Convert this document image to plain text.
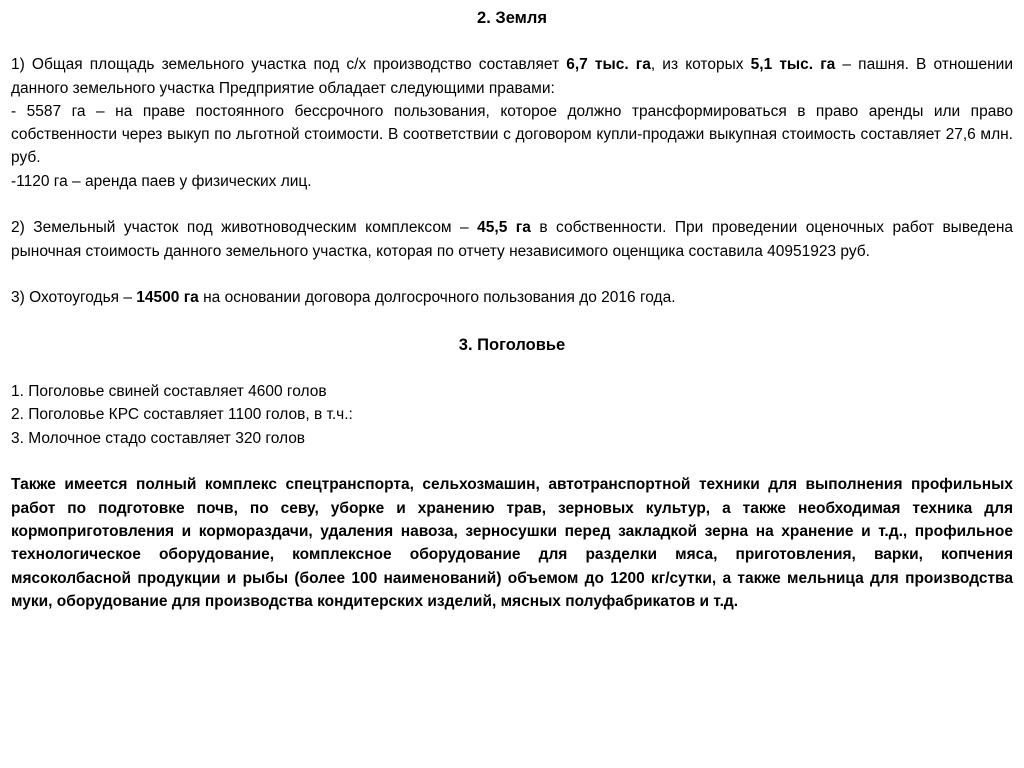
2. Земля

1) Общая площадь земельного участка под с/х производство составляет 6,7 тыс. га, из которых 5,1 тыс. га – пашня. В отношении данного земельного участка Предприятие обладает следующими правами:

- 5587 га – на праве постоянного бессрочного пользования, которое должно трансформироваться в право аренды или право собственности через выкуп по льготной стоимости. В соответствии с договором купли-продажи выкупная стоимость составляет 27,6 млн. руб.

-1120 га – аренда паев у физических лиц.

2) Земельный участок под животноводческим комплексом – 45,5 га в собственности. При проведении оценочных работ выведена рыночная стоимость данного земельного участка, которая по отчету независимого оценщика составила 40951923 руб.

3) Охотоугодья – 14500 га на основании договора долгосрочного пользования до 2016 года.

3. Поголовье

1. Поголовье свиней составляет 4600 голов

2. Поголовье КРС составляет 1100 голов, в т.ч.:

3. Молочное стадо составляет 320 голов

Также имеется полный комплекс спецтранспорта, сельхозмашин, автотранспортной техники для выполнения профильных работ по подготовке почв, по севу, уборке и хранению трав, зерновых культур, а также необходимая техника для кормоприготовления и кормораздачи, удаления навоза, зерносушки перед закладкой зерна на хранение и т.д., профильное технологическое оборудование, комплексное оборудование для разделки мяса, приготовления, варки, копчения мясоколбасной продукции и рыбы (более 100 наименований) объемом до 1200 кг/сутки, а также мельница для производства муки, оборудование для производства кондитерских изделий, мясных полуфабрикатов и т.д.
